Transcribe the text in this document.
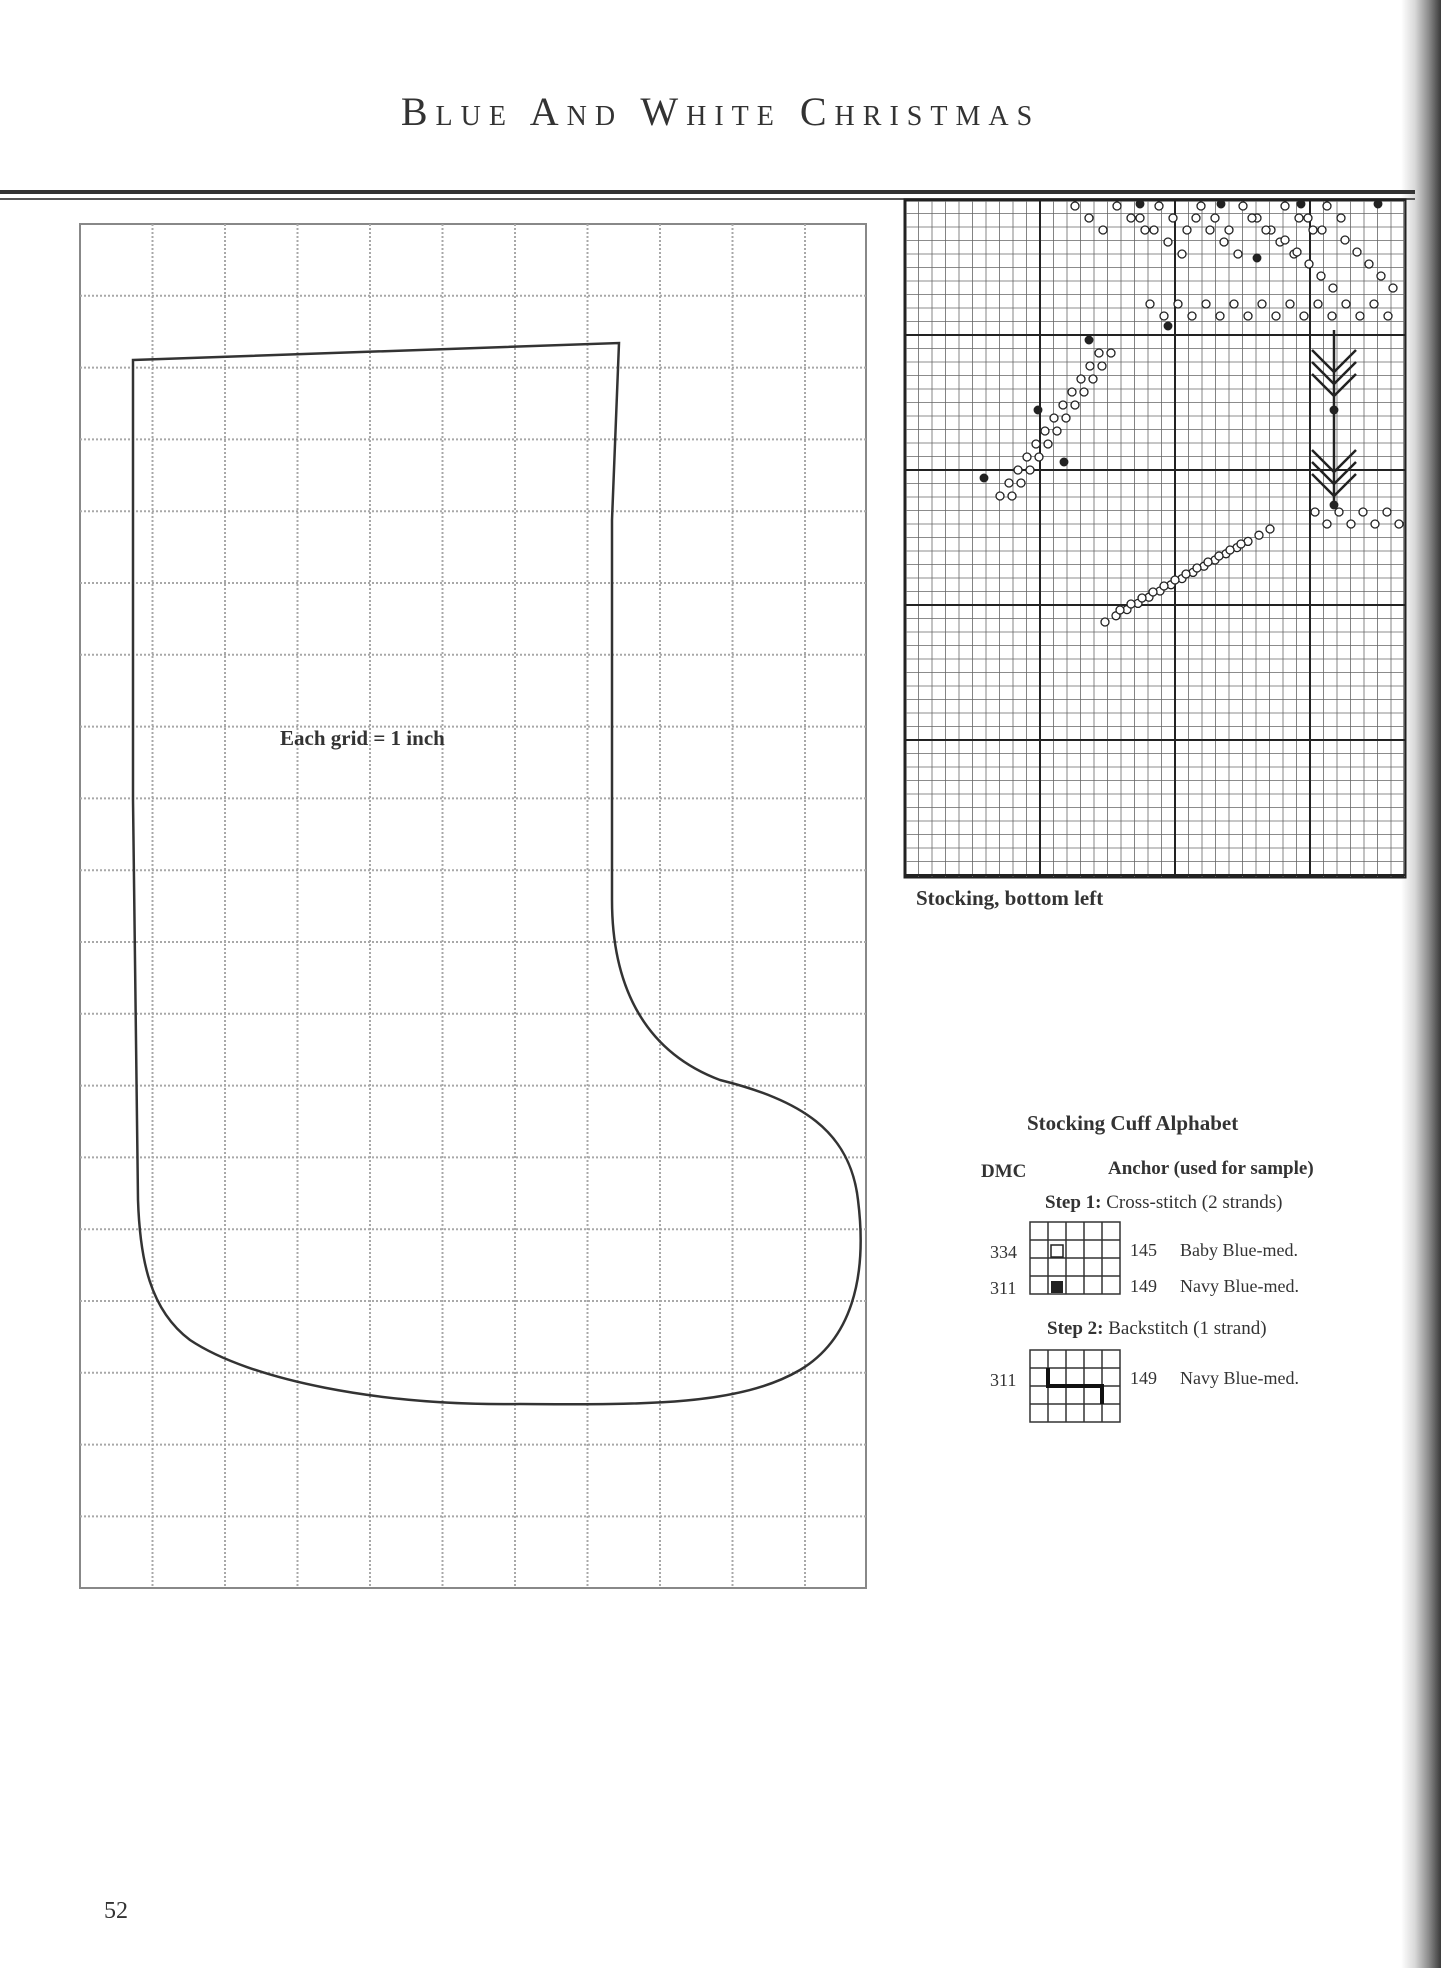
Blue And White Christmas
Each grid = 1 inch
Stocking, bottom left
Stocking Cuff Alphabet
DMC	Anchor (used for sample)
Step 1: Cross-stitch (2 strands)
334	145 Baby Blue-med.
311	149 Navy Blue-med.
Step 2: Backstitch (1 strand)
311	149 Navy Blue-med.
52
